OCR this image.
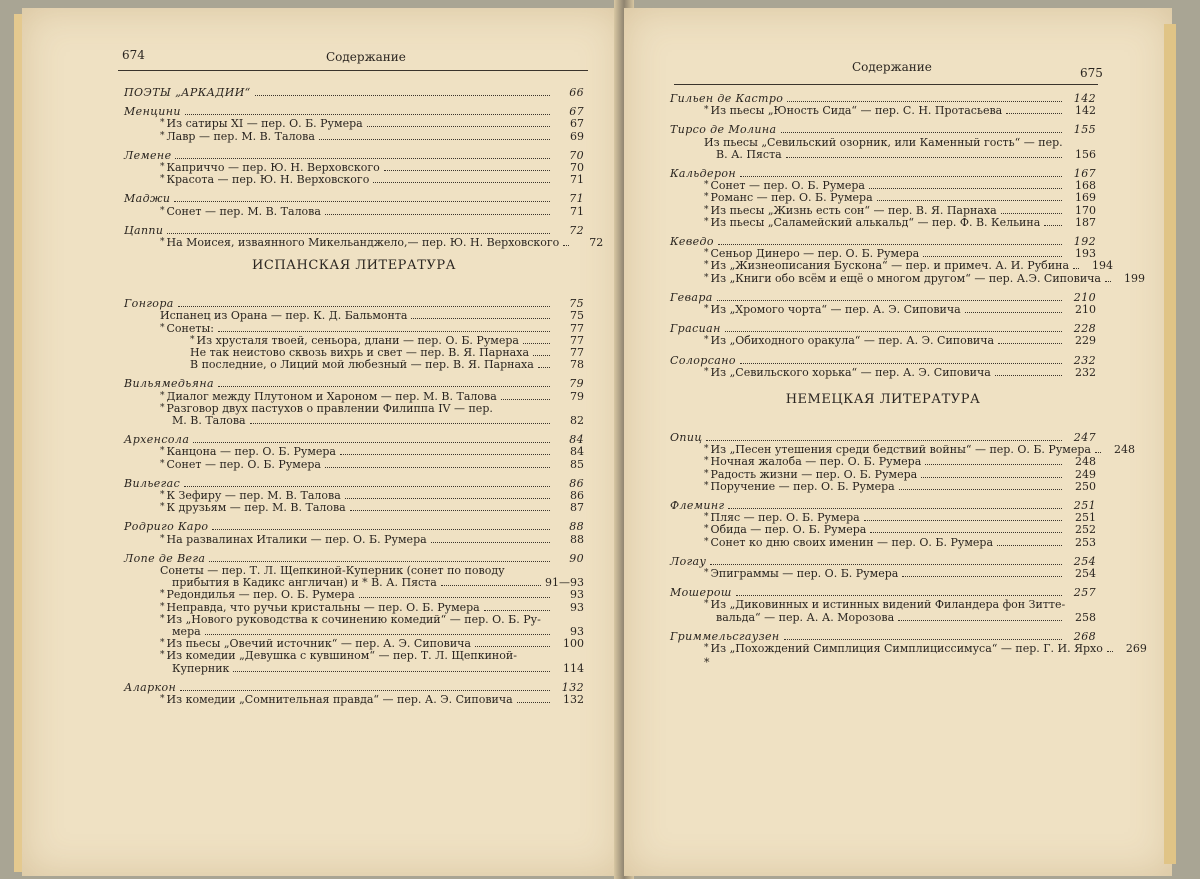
674	Содержание
ПОЭТЫ „АРКАДИИ“	66
Менцини	67
* Из сатиры XI — пер. О. Б. Румера	67
* Лавр — пер. М. В. Талова	69
Лемене	70
* Каприччо — пер. Ю. Н. Верховского	70
* Красота — пер. Ю. Н. Верховского	71
Маджи	71
* Сонет — пер. М. В. Талова	71
Цаппи	72
* На Моисея, изваянного Микельанджело,— пер. Ю. Н. Верховского	72
ИСПАНСКАЯ ЛИТЕРАТУРА
Гонгора	75
Испанец из Орана — пер. К. Д. Бальмонта	75
* Сонеты:	77
* Из хрусталя твоей, сеньора, длани — пер. О. Б. Румера	77
Не так неистово сквозь вихрь и свет — пер. В. Я. Парнаха	77
В последние, о Лиций мой любезный — пер. В. Я. Парнаха	78
Вильямедьяна	79
* Диалог между Плутоном и Хароном — пер. М. В. Талова	79
* Разговор двух пастухов о правлении Филиппа IV — пер.
М. В. Талова	82
Архенсола	84
* Канцона — пер. О. Б. Румера	84
* Сонет — пер. О. Б. Румера	85
Вильегас	86
* К Зефиру — пер. М. В. Талова	86
* К друзьям — пер. М. В. Талова	87
Родриго Каро	88
* На развалинах Италики — пер. О. Б. Румера	88
Лопе де Вега	90
Сонеты — пер. Т. Л. Щепкиной-Куперник (сонет по поводу
прибытия в Кадикс англичан) и * В. А. Пяста	91—93
* Редондилья — пер. О. Б. Румера	93
* Неправда, что ручьи кристальны — пер. О. Б. Румера	93
* Из „Нового руководства к сочинению комедий“ — пер. О. Б. Ру-
мера	93
* Из пьесы „Овечий источник“ — пер. А. Э. Сиповича	100
* Из комедии „Девушка с кувшином“ — пер. Т. Л. Щепкиной-
Куперник	114
Аларкон	132
* Из комедии „Сомнительная правда“ — пер. А. Э. Сиповича	132
Содержание	675
Гильен де Кастро	142
* Из пьесы „Юность Сида“ — пер. С. Н. Протасьева	142
Тирсо де Молина	155
Из пьесы „Севильский озорник, или Каменный гость“ — пер.
В. А. Пяста	156
Кальдерон	167
* Сонет — пер. О. Б. Румера	168
* Романс — пер. О. Б. Румера	169
* Из пьесы „Жизнь есть сон“ — пер. В. Я. Парнаха	170
* Из пьесы „Саламейский алькальд“ — пер. Ф. В. Кельина	187
Кеведо	192
* Сеньор Динеро — пер. О. Б. Румера	193
* Из „Жизнеописания Бускона“ — пер. и примеч. А. И. Рубина	194
* Из „Книги обо всём и ещё о многом другом“ — пер. А.Э. Сиповича	199
Гевара	210
* Из „Хромого чорта“ — пер. А. Э. Сиповича	210
Грасиан	228
* Из „Обиходного оракула“ — пер. А. Э. Сиповича	229
Солорсано	232
* Из „Севильского хорька“ — пер. А. Э. Сиповича	232
НЕМЕЦКАЯ ЛИТЕРАТУРА
Опиц	247
* Из „Песен утешения среди бедствий войны“ — пер. О. Б. Румера	248
* Ночная жалоба — пер. О. Б. Румера	248
* Радость жизни — пер. О. Б. Румера	249
* Поручение — пер. О. Б. Румера	250
Флеминг	251
* Пляс — пер. О. Б. Румера	251
* Обида — пер. О. Б. Румера	252
* Сонет ко дню своих именин — пер. О. Б. Румера	253
Логау	254
* Эпиграммы — пер. О. Б. Румера	254
Мошерош	257
* Из „Диковинных и истинных видений Филандера фон Зитте-
вальда“ — пер. А. А. Морозова	258
Гриммельсгаузен	268
* Из „Похождений Симплиция Симплициссимуса“ — пер. Г. И. Ярхо	269
*
